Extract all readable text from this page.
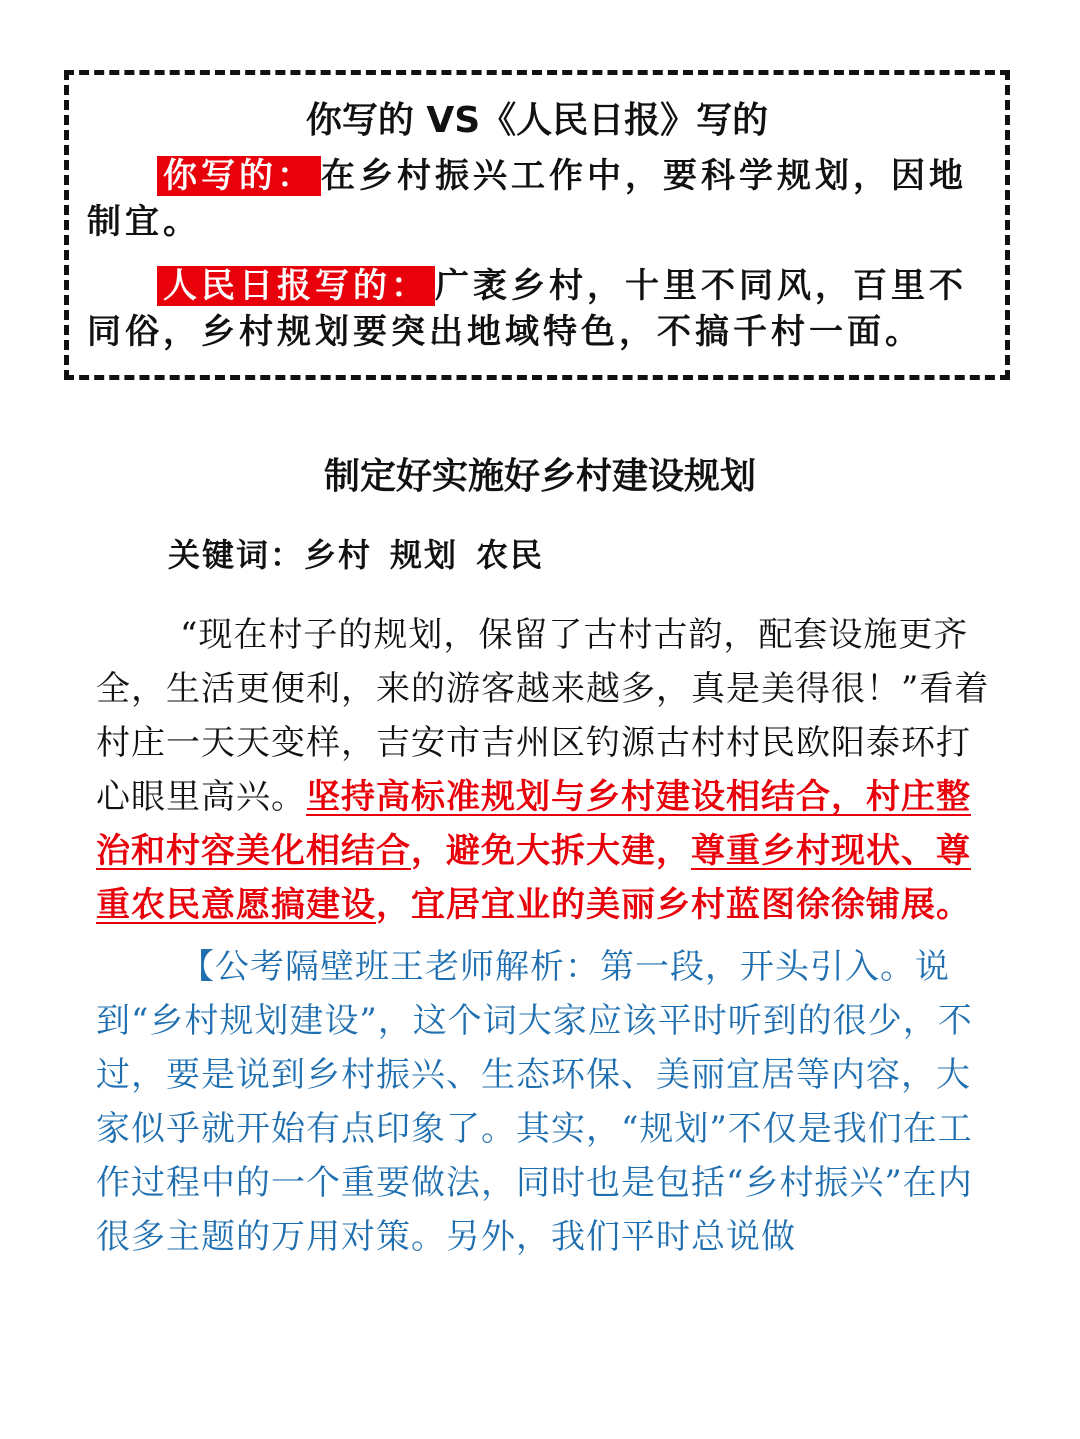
你写的 VS《人民日报》写的

你写的： 在乡村振兴工作中，要科学规划，因地制宜。

人民日报写的： 广袤乡村，十里不同风，百里不同俗，乡村规划要突出地域特色，不搞千村一面。

制定好实施好乡村建设规划

关键词：乡村 规划 农民

“现在村子的规划，保留了古村古韵，配套设施更齐全，生活更便利，来的游客越来越多，真是美得很！”看着村庄一天天变样，吉安市吉州区钓源古村村民欧阳泰环打心眼里高兴。坚持高标准规划与乡村建设相结合，村庄整治和村容美化相结合，避免大拆大建，尊重乡村现状、尊重农民意愿搞建设，宜居宜业的美丽乡村蓝图徐徐铺展。

【公考隔壁班王老师解析：第一段，开头引入。说到“乡村规划建设”，这个词大家应该平时听到的很少，不过，要是说到乡村振兴、生态环保、美丽宜居等内容，大家似乎就开始有点印象了。其实，“规划”不仅是我们在工作过程中的一个重要做法，同时也是包括“乡村振兴”在内很多主题的万用对策。另外，我们平时总说做
